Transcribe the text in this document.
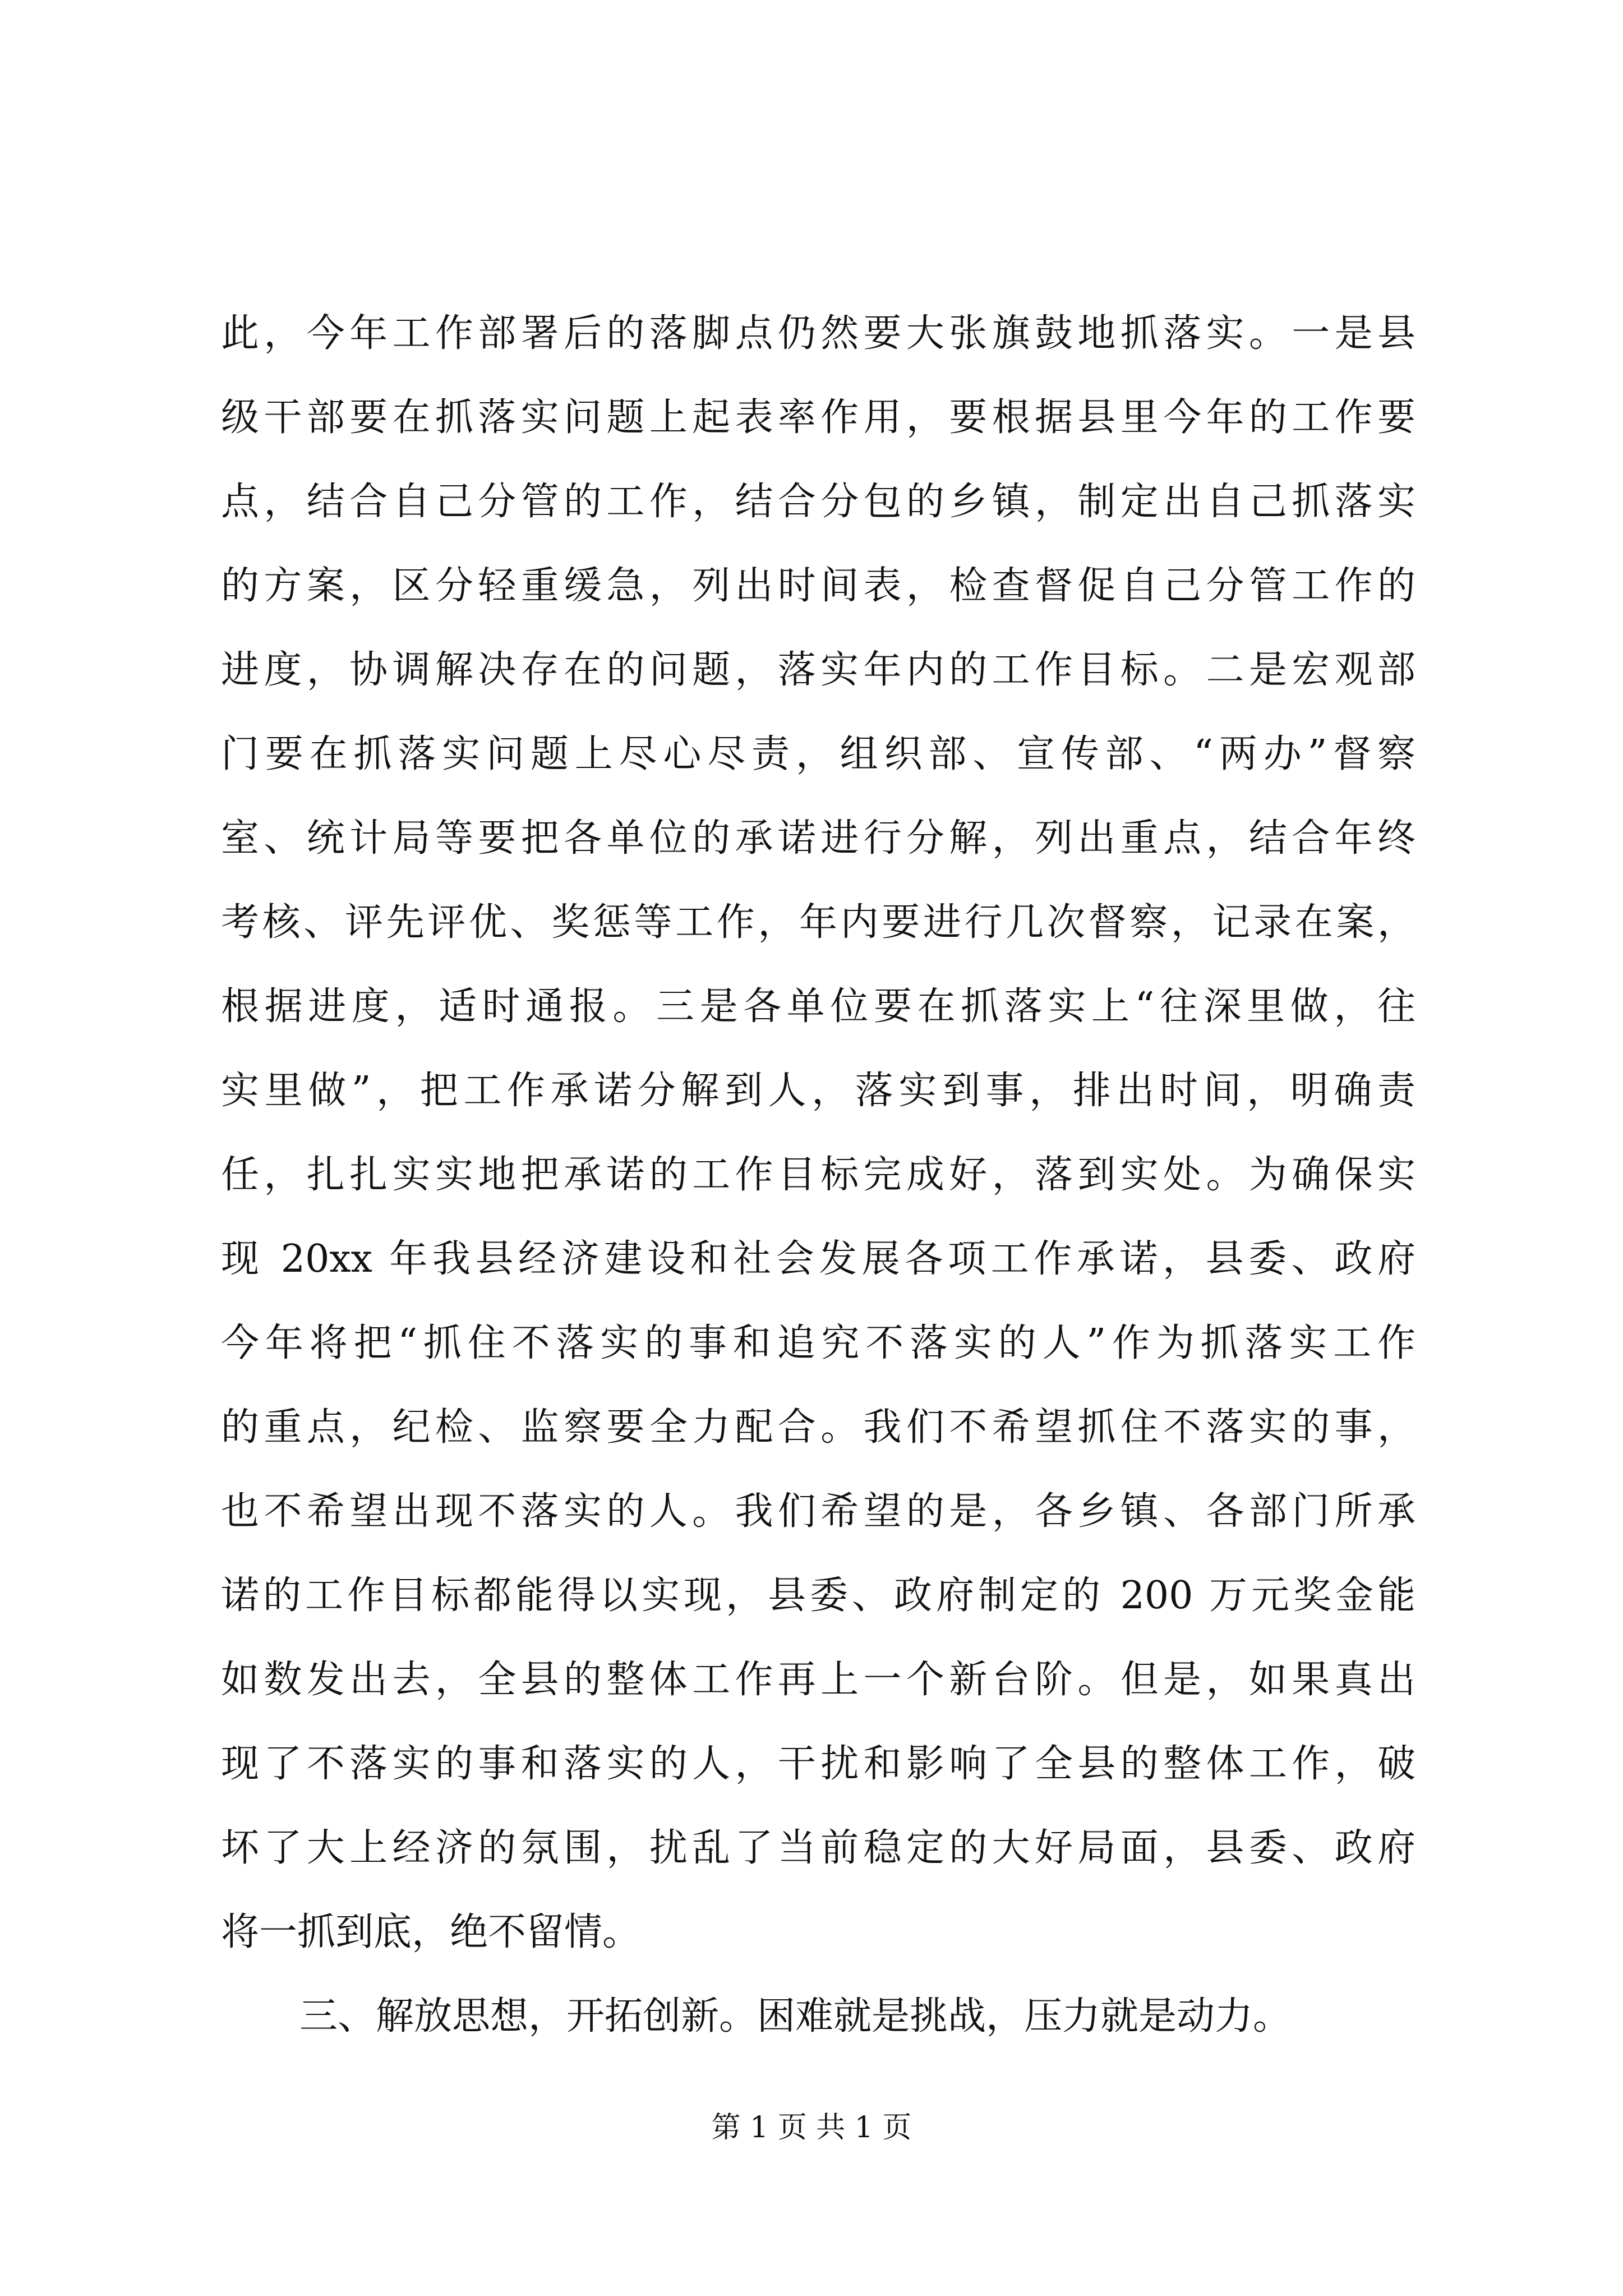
此，今年工作部署后的落脚点仍然要大张旗鼓地抓落实。一是县
级干部要在抓落实问题上起表率作用，要根据县里今年的工作要
点，结合自己分管的工作，结合分包的乡镇，制定出自己抓落实
的方案，区分轻重缓急，列出时间表，检查督促自己分管工作的
进度，协调解决存在的问题，落实年内的工作目标。二是宏观部
门要在抓落实问题上尽心尽责，组织部、宣传部、“两办”督察
室、统计局等要把各单位的承诺进行分解，列出重点，结合年终
考核、评先评优、奖惩等工作，年内要进行几次督察，记录在案，
根据进度，适时通报。三是各单位要在抓落实上“往深里做，往
实里做”，把工作承诺分解到人，落实到事，排出时间，明确责
任，扎扎实实地把承诺的工作目标完成好，落到实处。为确保实
现 20xx 年我县经济建设和社会发展各项工作承诺，县委、政府
今年将把“抓住不落实的事和追究不落实的人”作为抓落实工作
的重点，纪检、监察要全力配合。我们不希望抓住不落实的事，
也不希望出现不落实的人。我们希望的是，各乡镇、各部门所承
诺的工作目标都能得以实现，县委、政府制定的 200 万元奖金能
如数发出去，全县的整体工作再上一个新台阶。但是，如果真出
现了不落实的事和落实的人，干扰和影响了全县的整体工作，破
坏了大上经济的氛围，扰乱了当前稳定的大好局面，县委、政府
将一抓到底，绝不留情。
三、解放思想，开拓创新。困难就是挑战，压力就是动力。
第 1 页 共 1 页
